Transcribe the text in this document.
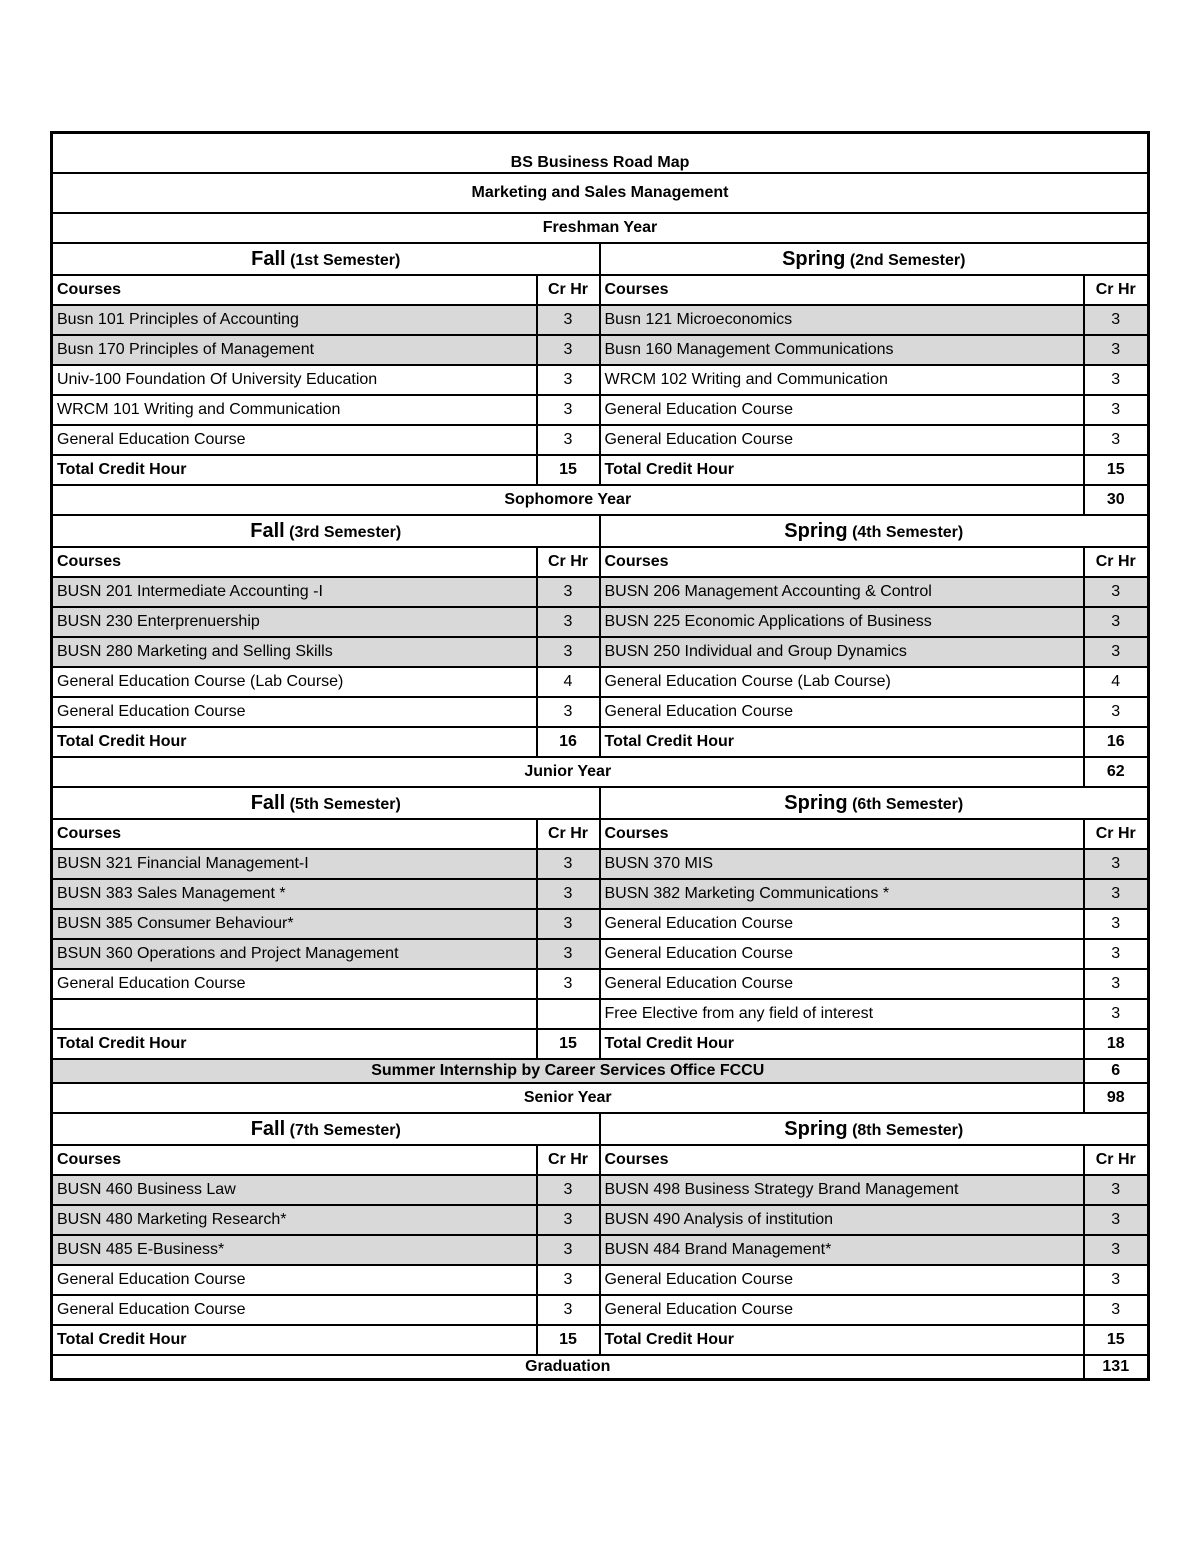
BS Business Road Map			
Marketing and Sales Management			
Freshman Year			
Fall (1st Semester)		Spring (2nd Semester)	
Courses	Cr Hr	Courses	Cr Hr
Busn 101 Principles of Accounting	3	Busn 121 Microeconomics	3
Busn 170 Principles of Management	3	Busn 160 Management Communications	3
Univ-100 Foundation Of University Education	3	WRCM 102 Writing and Communication	3
WRCM 101 Writing and Communication	3	General Education Course	3
General Education Course	3	General Education Course	3
Total Credit Hour	15	Total Credit Hour	15
Sophomore Year			30
Fall (3rd Semester)		Spring (4th Semester)	
Courses	Cr Hr	Courses	Cr Hr
BUSN 201 Intermediate Accounting -I	3	BUSN 206 Management Accounting & Control	3
BUSN 230 Enterprenuership	3	BUSN 225 Economic Applications of Business	3
BUSN 280 Marketing and Selling Skills	3	BUSN 250 Individual and Group Dynamics	3
General Education Course (Lab Course)	4	General Education Course (Lab Course)	4
General Education Course	3	General Education Course	3
Total Credit Hour	16	Total Credit Hour	16
Junior Year			62
Fall (5th Semester)		Spring (6th Semester)	
Courses	Cr Hr	Courses	Cr Hr
BUSN 321 Financial Management-I	3	BUSN 370 MIS	3
BUSN 383 Sales Management *	3	BUSN 382 Marketing Communications *	3
BUSN 385 Consumer Behaviour*	3	General Education Course	3
BSUN 360 Operations and Project Management	3	General Education Course	3
General Education Course	3	General Education Course	3
		Free Elective from any field of interest	3
Total Credit Hour	15	Total Credit Hour	18
Summer Internship by Career Services Office FCCU			6
Senior Year			98
Fall (7th Semester)		Spring (8th Semester)	
Courses	Cr Hr	Courses	Cr Hr
BUSN 460 Business Law	3	BUSN 498 Business Strategy Brand Management	3
BUSN 480 Marketing Research*	3	BUSN 490 Analysis of institution	3
BUSN 485 E-Business*	3	BUSN 484 Brand Management*	3
General Education Course	3	General Education Course	3
General Education Course	3	General Education Course	3
Total Credit Hour	15	Total Credit Hour	15
Graduation			131
